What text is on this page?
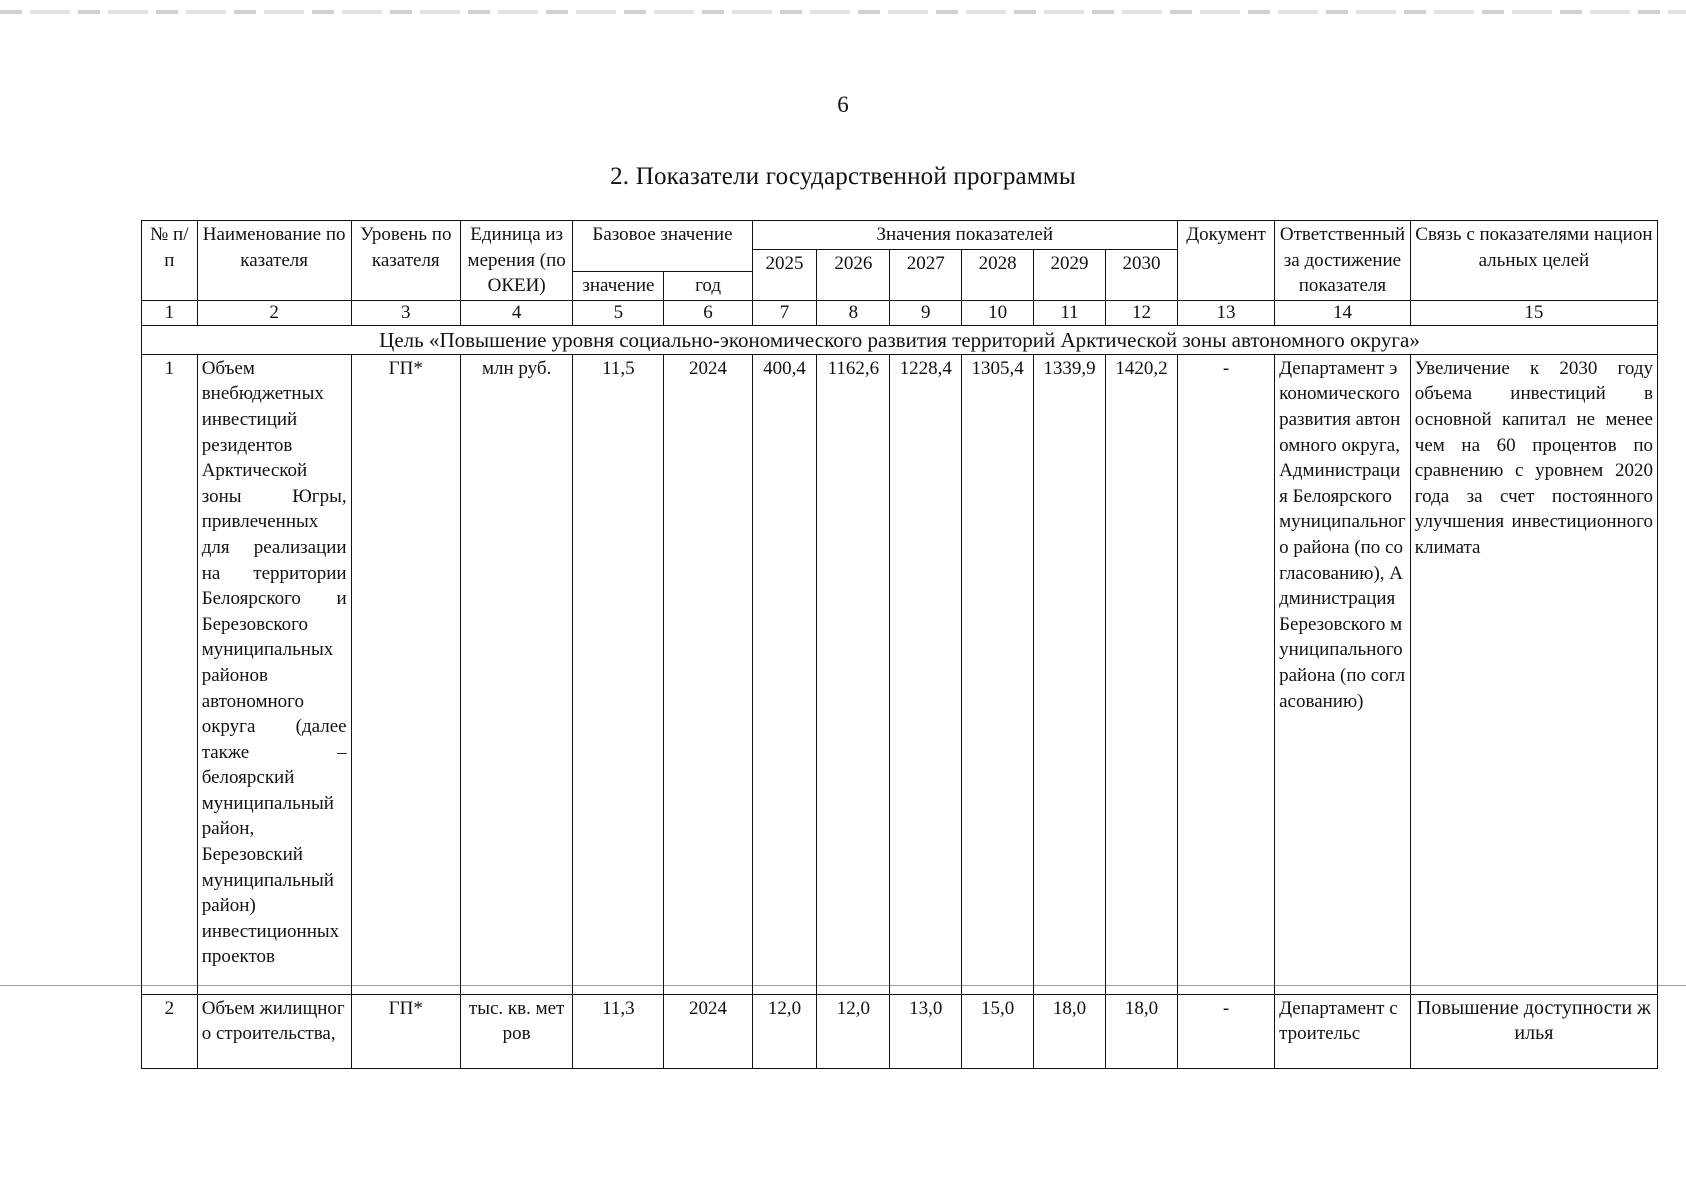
6
2. Показатели государственной программы
№ п/п	Наименование показателя	Уровень показателя	Единица измерения (по ОКЕИ)	Базовое значение		Значения показателей						Документ	Ответственный за достижение показателя	Связь с показателями национальных целей
						2025	2026	2027	2028	2029	2030			
				значение	год									
1	2	3	4	5	6	7	8	9	10	11	12	13	14	15
Цель «Повышение уровня социально-экономического развития территорий Арктической зоны автономного округа»														
1	Объем внебюджетных инвестиций резидентов Арктической зоны Югры, привлеченных для реализации на территории Белоярского и Березовского муниципальных районов автономного округа (далее также – белоярский муниципальный район, Березовский муниципальный район) инвестиционных проектов	ГП*	млн руб.	11,5	2024	400,4	1162,6	1228,4	1305,4	1339,9	1420,2	-	Департамент экономического развития автономного округа, Администрация Белоярского муниципального района (по согласованию), Администрация Березовского муниципального района (по согласованию)	Увеличение к 2030 году объема инвестиций в основной капитал не менее чем на 60 процентов по сравнению с уровнем 2020 года за счет постоянного улучшения инвестиционного климата
2	Объем жилищного строительства,	ГП*	тыс. кв. метров	11,3	2024	12,0	12,0	13,0	15,0	18,0	18,0	-	Департамент строительс	Повышение доступности жилья
